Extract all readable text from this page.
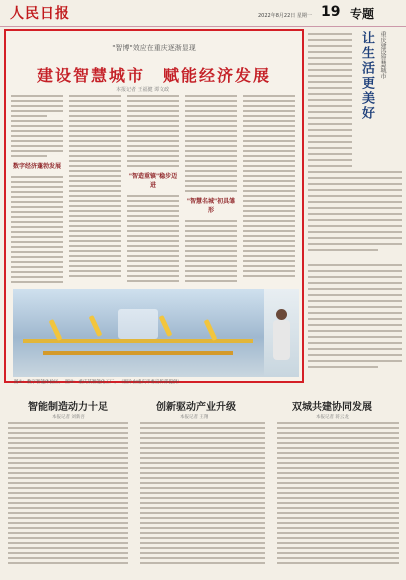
人民日报	2022年8月22日 星期一 19 专题
"智博"效应在重庆逐渐显现
建设智慧城市　赋能经济发展
本报记者 王福健 谭文政
数字经济蓬勃发展
"智造重镇"稳步迈进
"智慧名城"初具雏形
图①：数字智能体验区。　图②：重庆某智能化工厂。　（图片由重庆市委宣传部提供）
重庆建设智慧城市
让生活更美好
智能制造动力十足
本报记者 刘新吾
创新驱动产业升级
本报记者 王翔
双城共建协同发展
本报记者 蒋云龙
